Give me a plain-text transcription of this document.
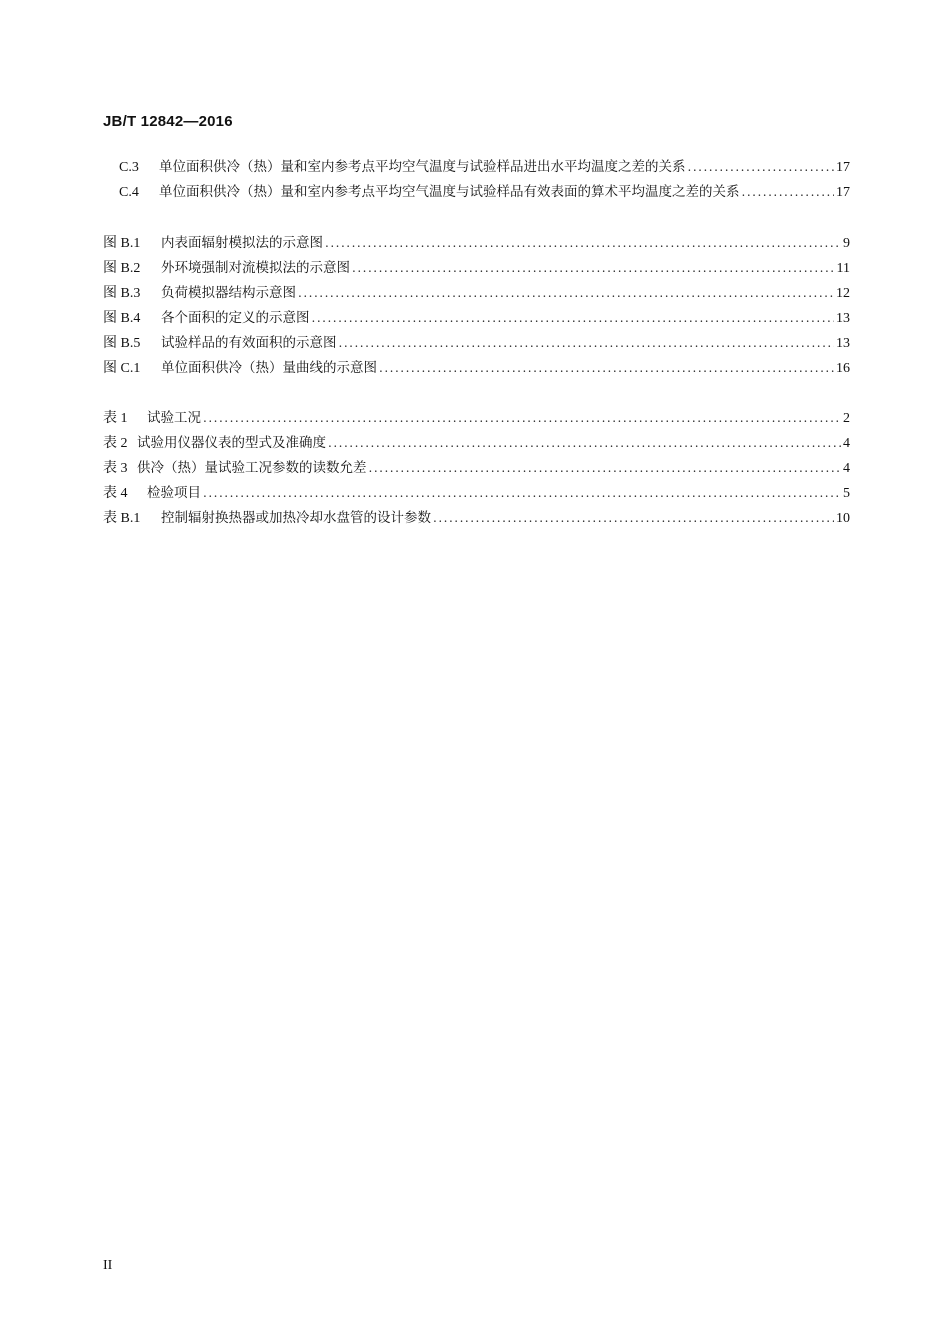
JB/T 12842—2016
C.3	单位面积供冷（热）量和室内参考点平均空气温度与试验样品进出水平均温度之差的关系 .....	17
C.4	单位面积供冷（热）量和室内参考点平均空气温度与试验样品有效表面的算术平均温度之差的关系 .....	17
图 B.1	内表面辐射模拟法的示意图 .....	9
图 B.2	外环境强制对流模拟法的示意图 .....	11
图 B.3	负荷模拟器结构示意图 .....	12
图 B.4	各个面积的定义的示意图 .....	13
图 B.5	试验样品的有效面积的示意图 .....	13
图 C.1	单位面积供冷（热）量曲线的示意图 .....	16
表 1	试验工况 .....	2
表 2 试验用仪器仪表的型式及准确度 .....	4
表 3 供冷（热）量试验工况参数的读数允差 .....	4
表 4	检验项目 .....	5
表 B.1	控制辐射换热器或加热冷却水盘管的设计参数 .....	10
II
